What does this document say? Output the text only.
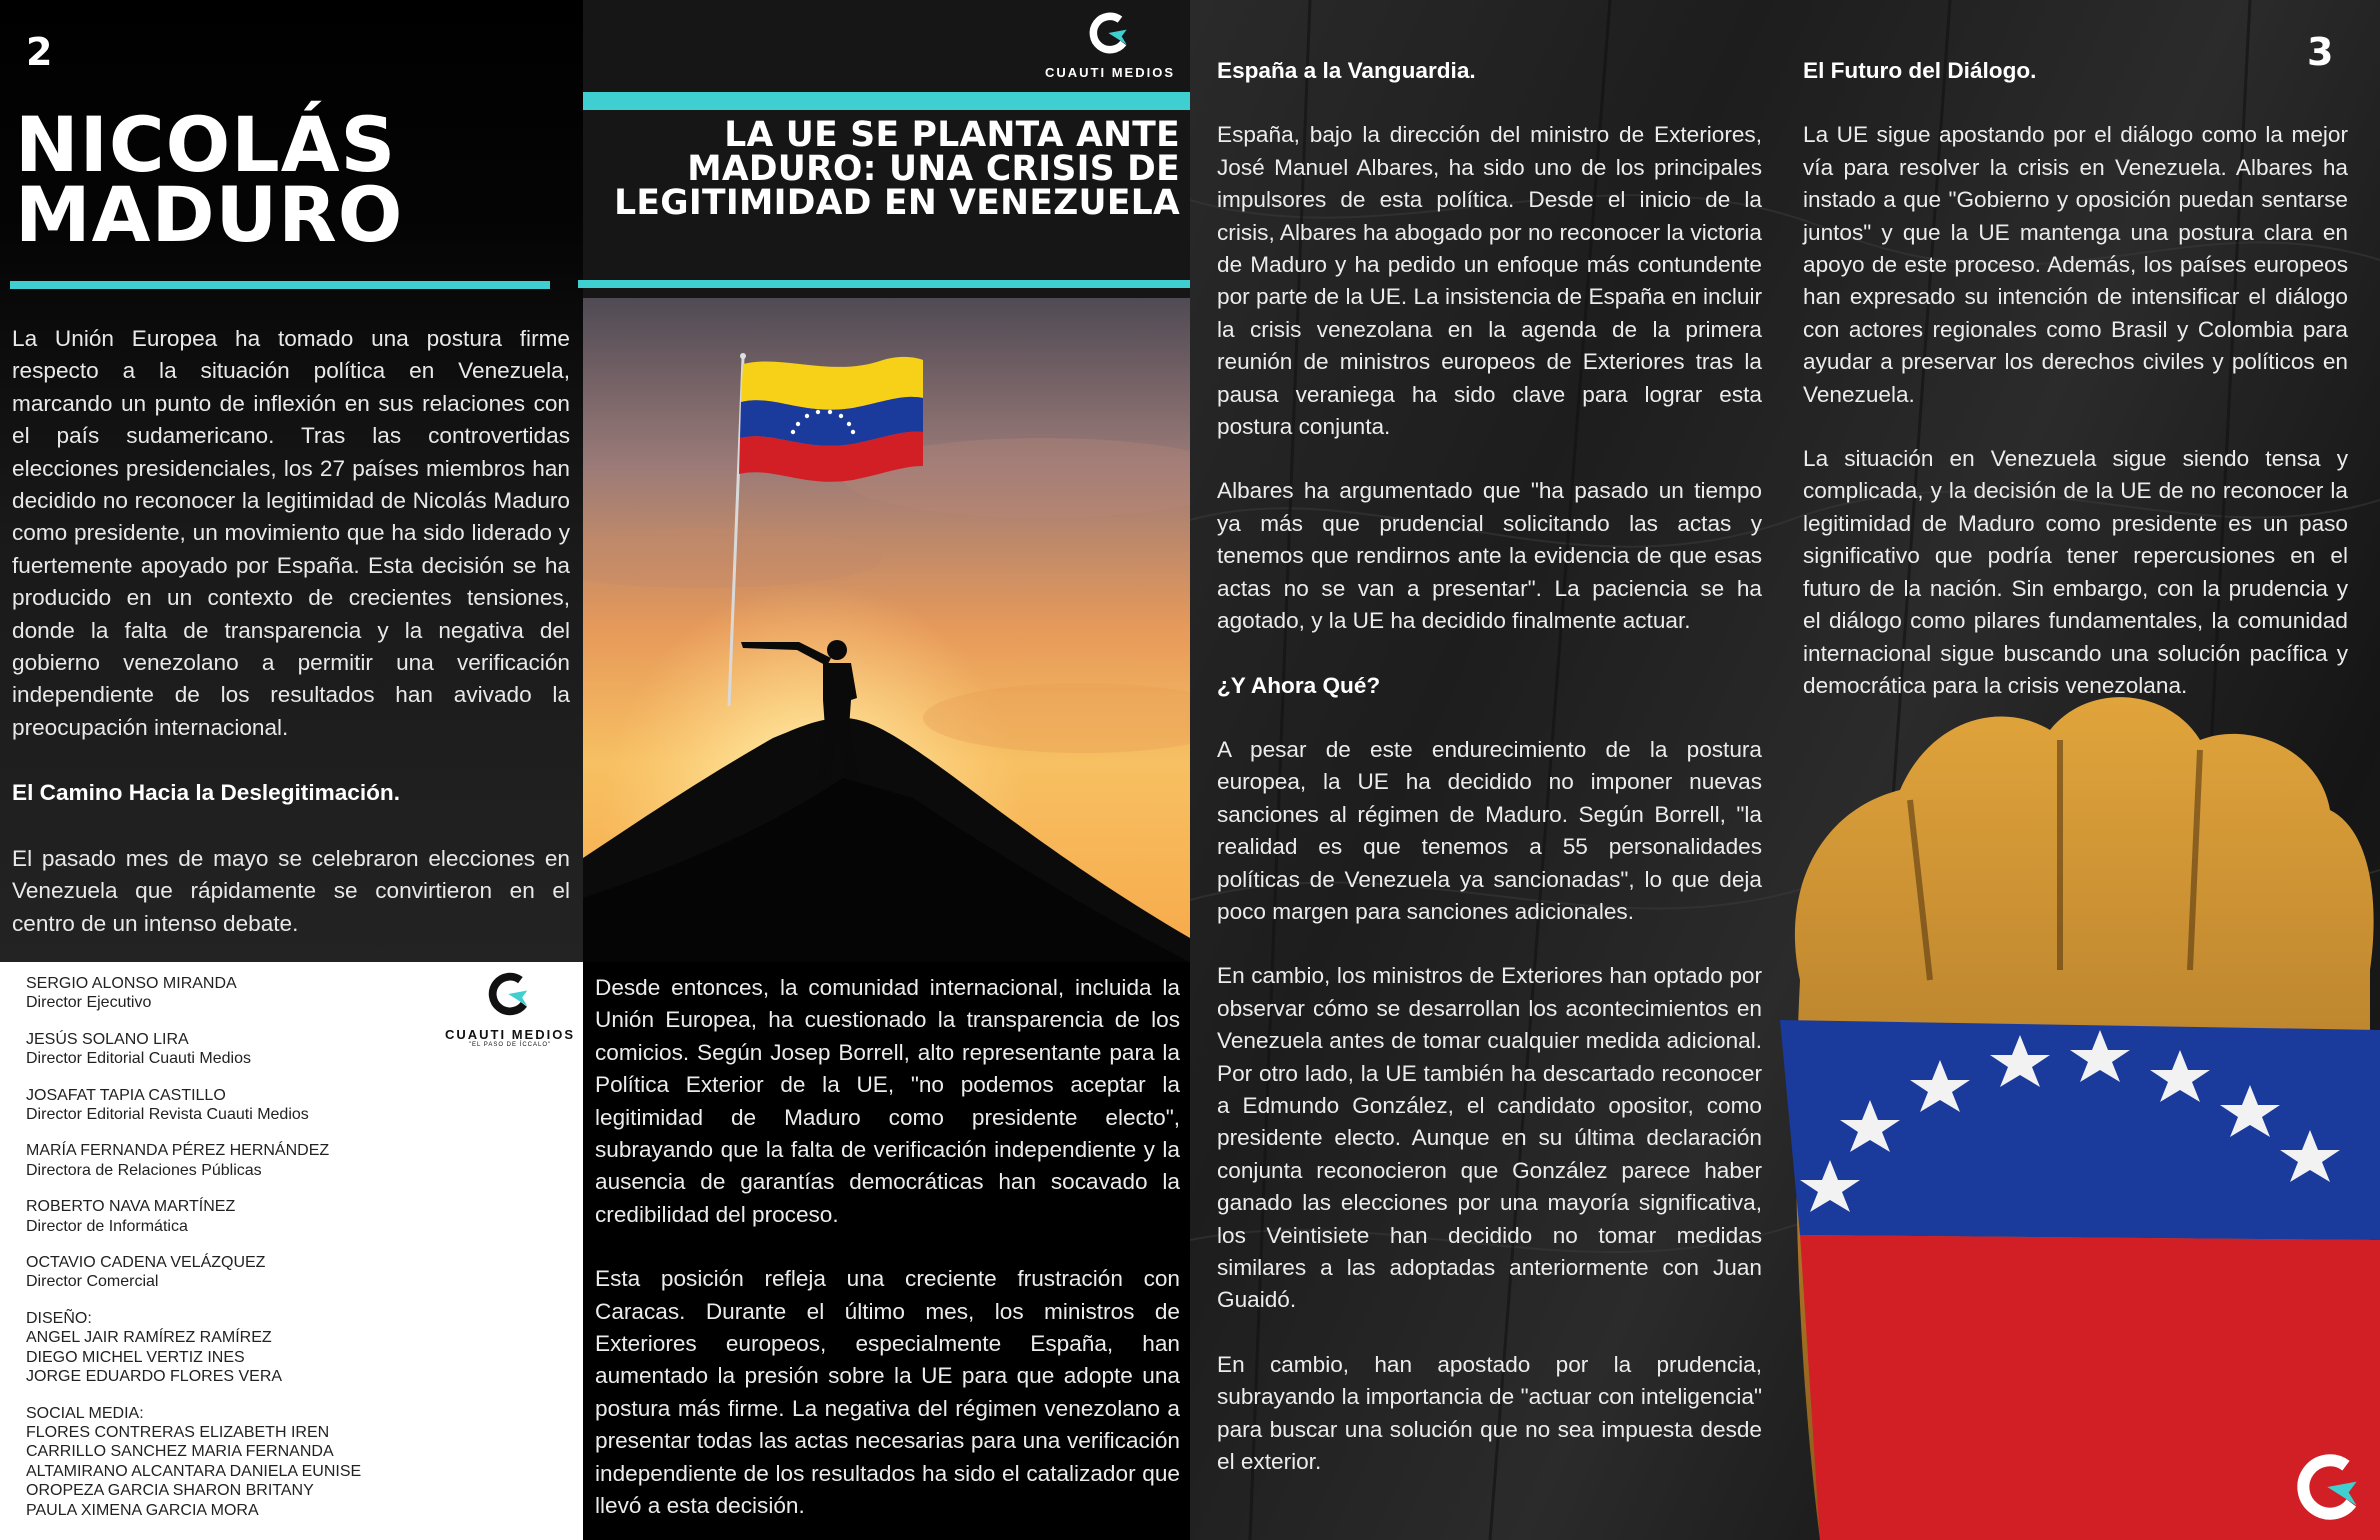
2
NICOLÁS MADURO
La Unión Europea ha tomado una postura firme respecto a la situación política en Venezuela, marcando un punto de inflexión en sus relaciones con el país sudamericano. Tras las controvertidas elecciones presidenciales, los 27 países miembros han decidido no reconocer la legitimidad de Nicolás Maduro como presidente, un movimiento que ha sido liderado y fuertemente apoyado por España. Esta decisión se ha producido en un contexto de crecientes tensiones, donde la falta de transparencia y la negativa del gobierno venezolano a permitir una verificación independiente de los resultados han avivado la preocupación internacional.
El Camino Hacia la Deslegitimación.
El pasado mes de mayo se celebraron elecciones en Venezuela que rápidamente se convirtieron en el centro de un intenso debate.
SERGIO ALONSO MIRANDA
Director Ejecutivo
JESÚS SOLANO LIRA
Director Editorial Cuauti Medios
JOSAFAT TAPIA CASTILLO
Director Editorial Revista Cuauti Medios
MARÍA FERNANDA PÉREZ HERNÁNDEZ
Directora de Relaciones Públicas
ROBERTO NAVA MARTÍNEZ
Director de Informática
OCTAVIO CADENA VELÁZQUEZ
Director Comercial
DISEÑO:
ANGEL JAIR RAMÍREZ RAMÍREZ
DIEGO MICHEL VERTIZ INES
JORGE EDUARDO FLORES VERA
SOCIAL MEDIA:
FLORES CONTRERAS ELIZABETH IREN
CARRILLO SANCHEZ MARIA FERNANDA
ALTAMIRANO ALCANTARA DANIELA EUNISE
OROPEZA GARCIA SHARON BRITANY
PAULA XIMENA GARCIA MORA
CUAUTI MEDIOS
"EL PASO DE ÍCCALO"
CUAUTI MEDIOS
LA UE SE PLANTA ANTE MADURO: UNA CRISIS DE LEGITIMIDAD EN VENEZUELA

Desde entonces, la comunidad internacional, incluida la Unión Europea, ha cuestionado la transparencia de los comicios. Según Josep Borrell, alto representante para la Política Exterior de la UE, "no podemos aceptar la legitimidad de Maduro como presidente electo", subrayando que la falta de verificación independiente y la ausencia de garantías democráticas han socavado la credibilidad del proceso.

Esta posición refleja una creciente frustración con Caracas. Durante el último mes, los ministros de Exteriores europeos, especialmente España, han aumentado la presión sobre la UE para que adopte una postura más firme. La negativa del régimen venezolano a presentar todas las actas necesarias para una verificación independiente de los resultados ha sido el catalizador que llevó a esta decisión.

3
España a la Vanguardia.

España, bajo la dirección del ministro de Exteriores, José Manuel Albares, ha sido uno de los principales impulsores de esta política. Desde el inicio de la crisis, Albares ha abogado por no reconocer la victoria de Maduro y ha pedido un enfoque más contundente por parte de la UE. La insistencia de España en incluir la crisis venezolana en la agenda de la primera reunión de ministros europeos de Exteriores tras la pausa veraniega ha sido clave para lograr esta postura conjunta.

Albares ha argumentado que "ha pasado un tiempo ya más que prudencial solicitando las actas y tenemos que rendirnos ante la evidencia de que esas actas no se van a presentar". La paciencia se ha agotado, y la UE ha decidido finalmente actuar.

¿Y Ahora Qué?

A pesar de este endurecimiento de la postura europea, la UE ha decidido no imponer nuevas sanciones al régimen de Maduro. Según Borrell, "la realidad es que tenemos a 55 personalidades políticas de Venezuela ya sancionadas", lo que deja poco margen para sanciones adicionales.

En cambio, los ministros de Exteriores han optado por observar cómo se desarrollan los acontecimientos en Venezuela antes de tomar cualquier medida adicional. Por otro lado, la UE también ha descartado reconocer a Edmundo González, el candidato opositor, como presidente electo. Aunque en su última declaración conjunta reconocieron que González parece haber ganado las elecciones por una mayoría significativa, los Veintisiete han decidido no tomar medidas similares a las adoptadas anteriormente con Juan Guaidó.

En cambio, han apostado por la prudencia, subrayando la importancia de "actuar con inteligencia" para buscar una solución que no sea impuesta desde el exterior.

El Futuro del Diálogo.

La UE sigue apostando por el diálogo como la mejor vía para resolver la crisis en Venezuela. Albares ha instado a que "Gobierno y oposición puedan sentarse juntos" y que la UE mantenga una postura clara en apoyo de este proceso. Además, los países europeos han expresado su intención de intensificar el diálogo con actores regionales como Brasil y Colombia para ayudar a preservar los derechos civiles y políticos en Venezuela.

La situación en Venezuela sigue siendo tensa y complicada, y la decisión de la UE de no reconocer la legitimidad de Maduro como presidente es un paso significativo que podría tener repercusiones en el futuro de la nación. Sin embargo, con la prudencia y el diálogo como pilares fundamentales, la comunidad internacional sigue buscando una solución pacífica y democrática para la crisis venezolana.
